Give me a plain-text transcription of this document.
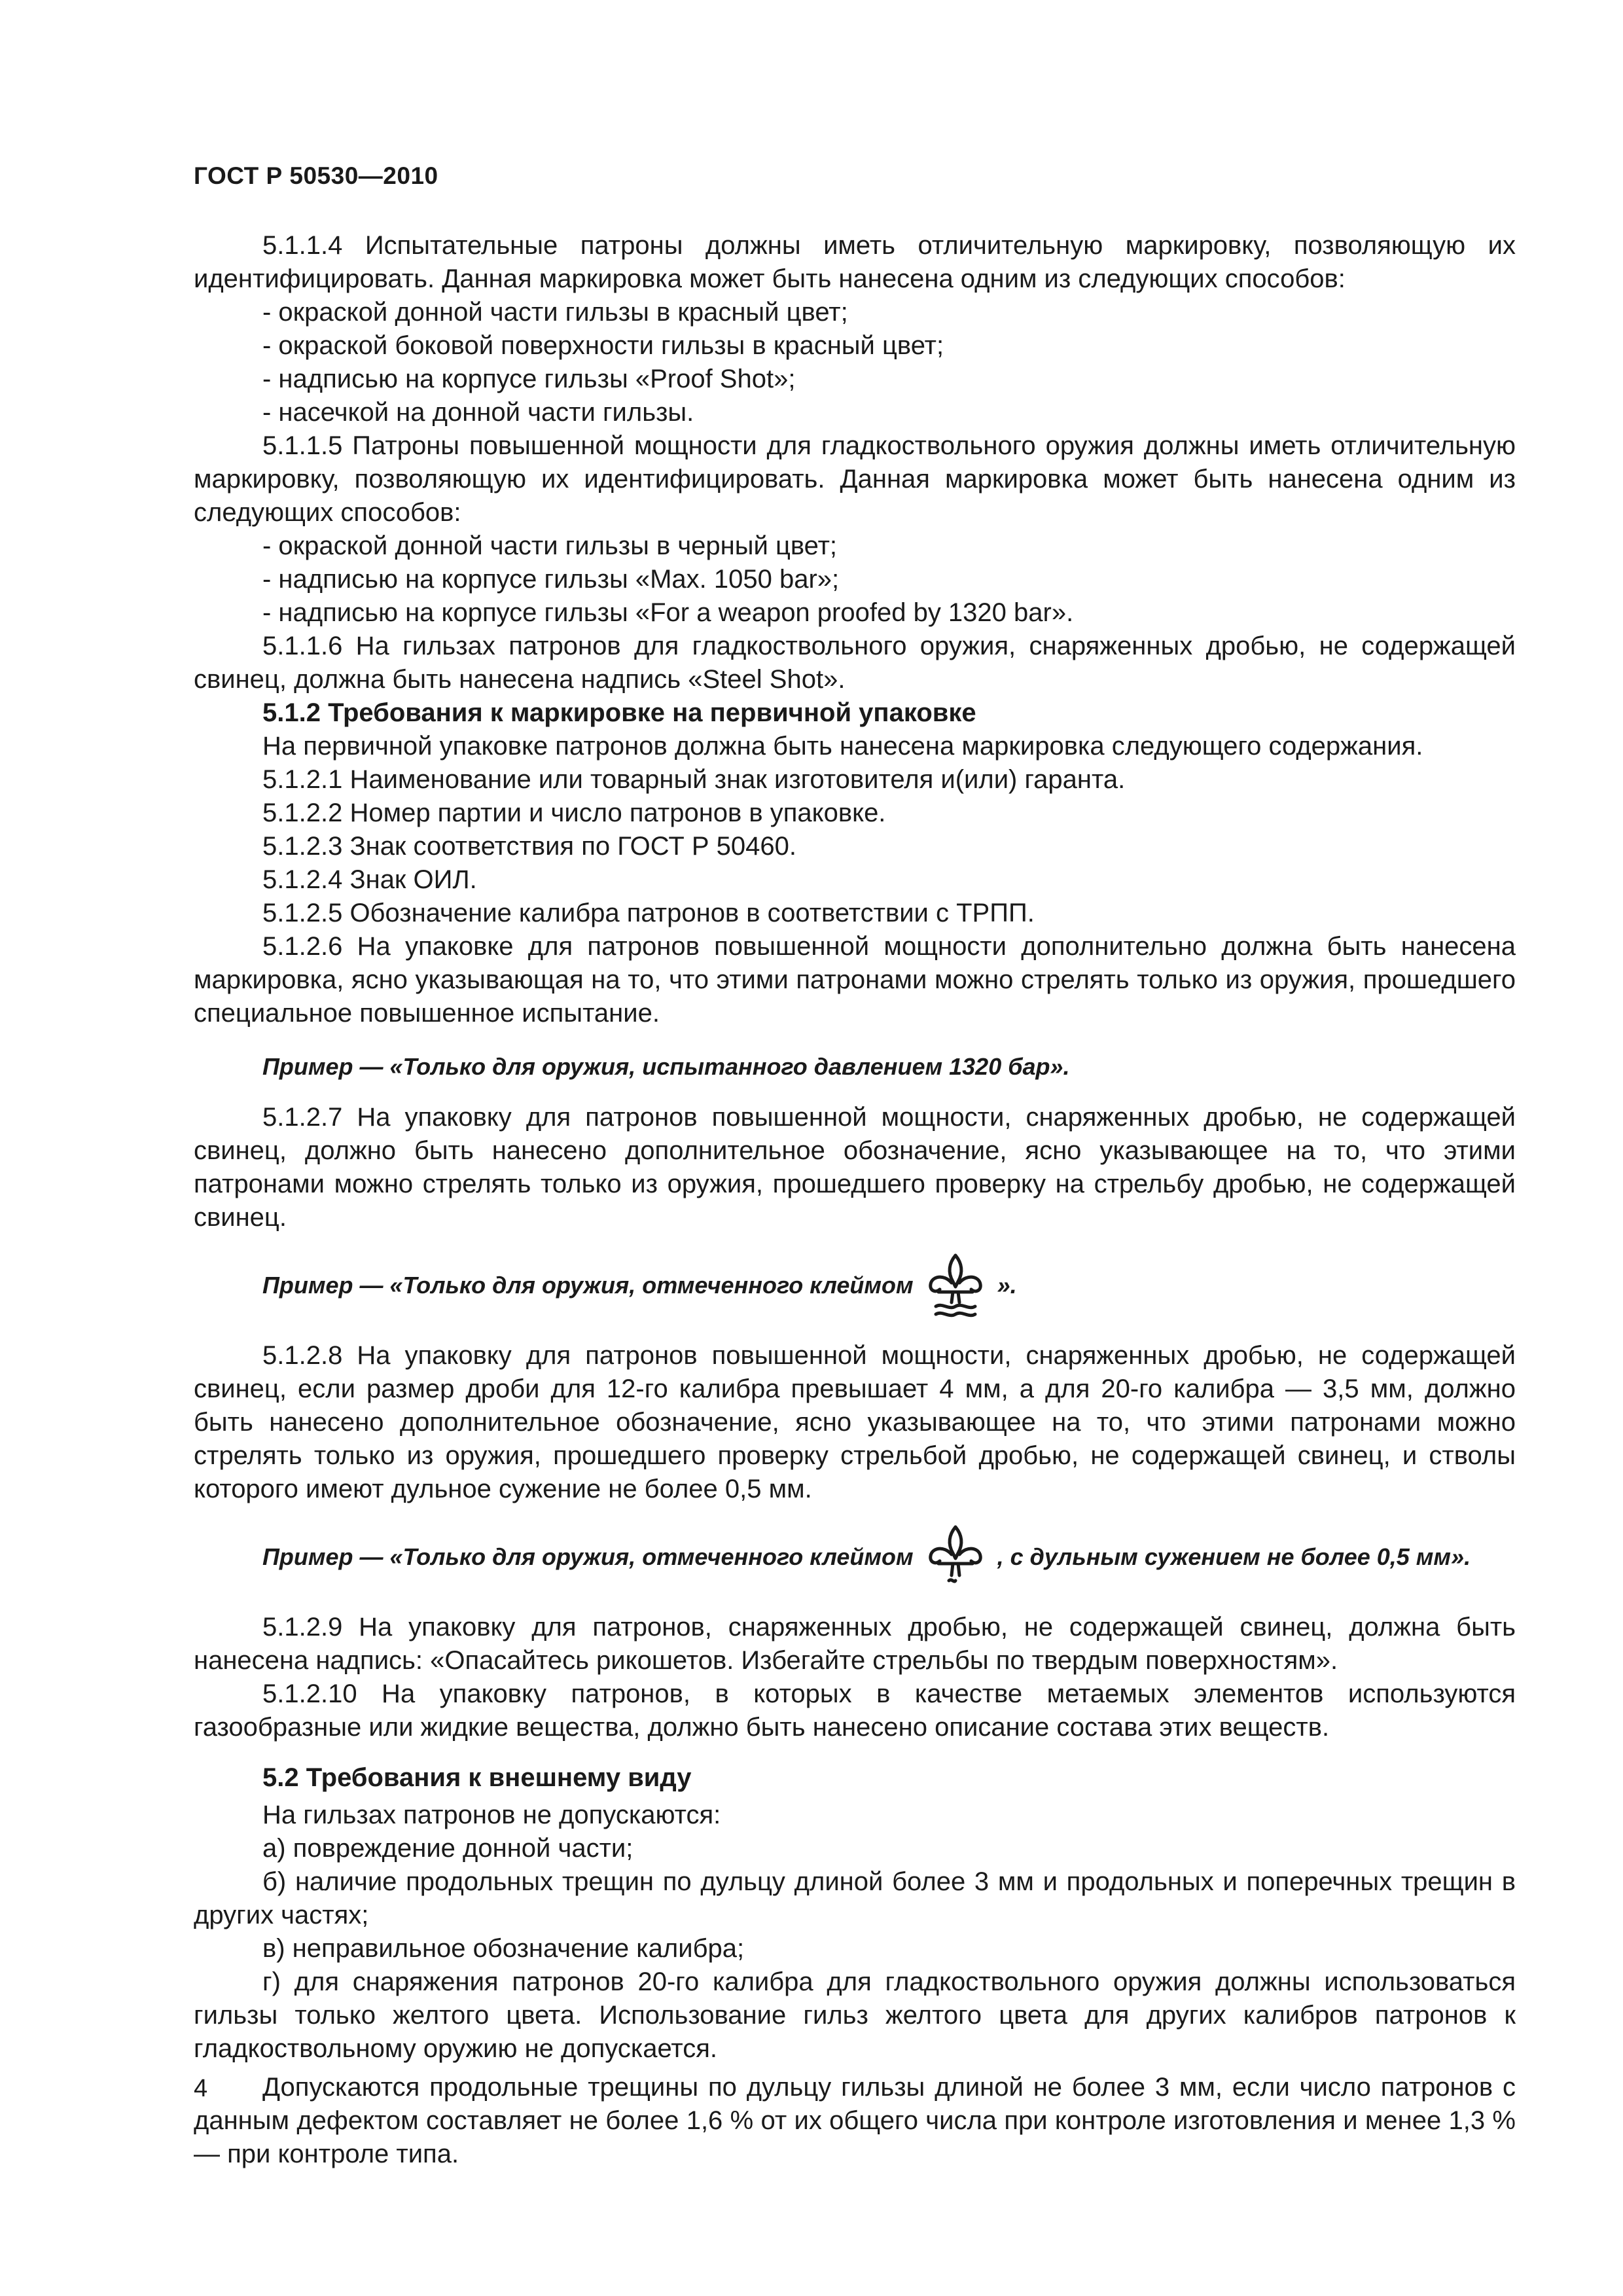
ГОСТ Р 50530—2010

5.1.1.4 Испытательные патроны должны иметь отличительную маркировку, позволяющую их идентифицировать. Данная маркировка может быть нанесена одним из следующих способов:

- окраской донной части гильзы в красный цвет;

- окраской боковой поверхности гильзы в красный цвет;

- надписью на корпусе гильзы «Proof Shot»;

- насечкой на донной части гильзы.

5.1.1.5 Патроны повышенной мощности для гладкоствольного оружия должны иметь отличительную маркировку, позволяющую их идентифицировать. Данная маркировка может быть нанесена одним из следующих способов:

- окраской донной части гильзы в черный цвет;

- надписью на корпусе гильзы «Max. 1050 bar»;

- надписью на корпусе гильзы «For a weapon proofed by 1320 bar».

5.1.1.6 На гильзах патронов для гладкоствольного оружия, снаряженных дробью, не содержащей свинец, должна быть нанесена надпись «Steel Shot».

5.1.2 Требования к маркировке на первичной упаковке

На первичной упаковке патронов должна быть нанесена маркировка следующего содержания.

5.1.2.1 Наименование или товарный знак изготовителя и(или) гаранта.

5.1.2.2 Номер партии и число патронов в упаковке.

5.1.2.3 Знак соответствия по ГОСТ Р 50460.

5.1.2.4 Знак ОИЛ.

5.1.2.5 Обозначение калибра патронов в соответствии с ТРПП.

5.1.2.6 На упаковке для патронов повышенной мощности дополнительно должна быть нанесена маркировка, ясно указывающая на то, что этими патронами можно стрелять только из оружия, прошедшего специальное повышенное испытание.

Пример — «Только для оружия, испытанного давлением 1320 бар».

5.1.2.7 На упаковку для патронов повышенной мощности, снаряженных дробью, не содержащей свинец, должно быть нанесено дополнительное обозначение, ясно указывающее на то, что этими патронами можно стрелять только из оружия, прошедшего проверку на стрельбу дробью, не содержащей свинец.

Пример — «Только для оружия, отмеченного клеймом	».

5.1.2.8 На упаковку для патронов повышенной мощности, снаряженных дробью, не содержащей свинец, если размер дроби для 12-го калибра превышает 4 мм, а для 20-го калибра — 3,5 мм, должно быть нанесено дополнительное обозначение, ясно указывающее на то, что этими патронами можно стрелять только из оружия, прошедшего проверку стрельбой дробью, не содержащей свинец, и стволы которого имеют дульное сужение не более 0,5 мм.

Пример — «Только для оружия, отмеченного клеймом	, с дульным сужением не более 0,5 мм».

5.1.2.9 На упаковку для патронов, снаряженных дробью, не содержащей свинец, должна быть нанесена надпись: «Опасайтесь рикошетов. Избегайте стрельбы по твердым поверхностям».

5.1.2.10 На упаковку патронов, в которых в качестве метаемых элементов используются газообразные или жидкие вещества, должно быть нанесено описание состава этих веществ.

5.2 Требования к внешнему виду

На гильзах патронов не допускаются:

а) повреждение донной части;

б) наличие продольных трещин по дульцу длиной более 3 мм и продольных и поперечных трещин в других частях;

в) неправильное обозначение калибра;

г) для снаряжения патронов 20-го калибра для гладкоствольного оружия должны использоваться гильзы только желтого цвета. Использование гильз желтого цвета для других калибров патронов к гладкоствольному оружию не допускается.

Допускаются продольные трещины по дульцу гильзы длиной не более 3 мм, если число патронов с данным дефектом составляет не более 1,6 % от их общего числа при контроле изготовления и менее 1,3 % — при контроле типа.

4
